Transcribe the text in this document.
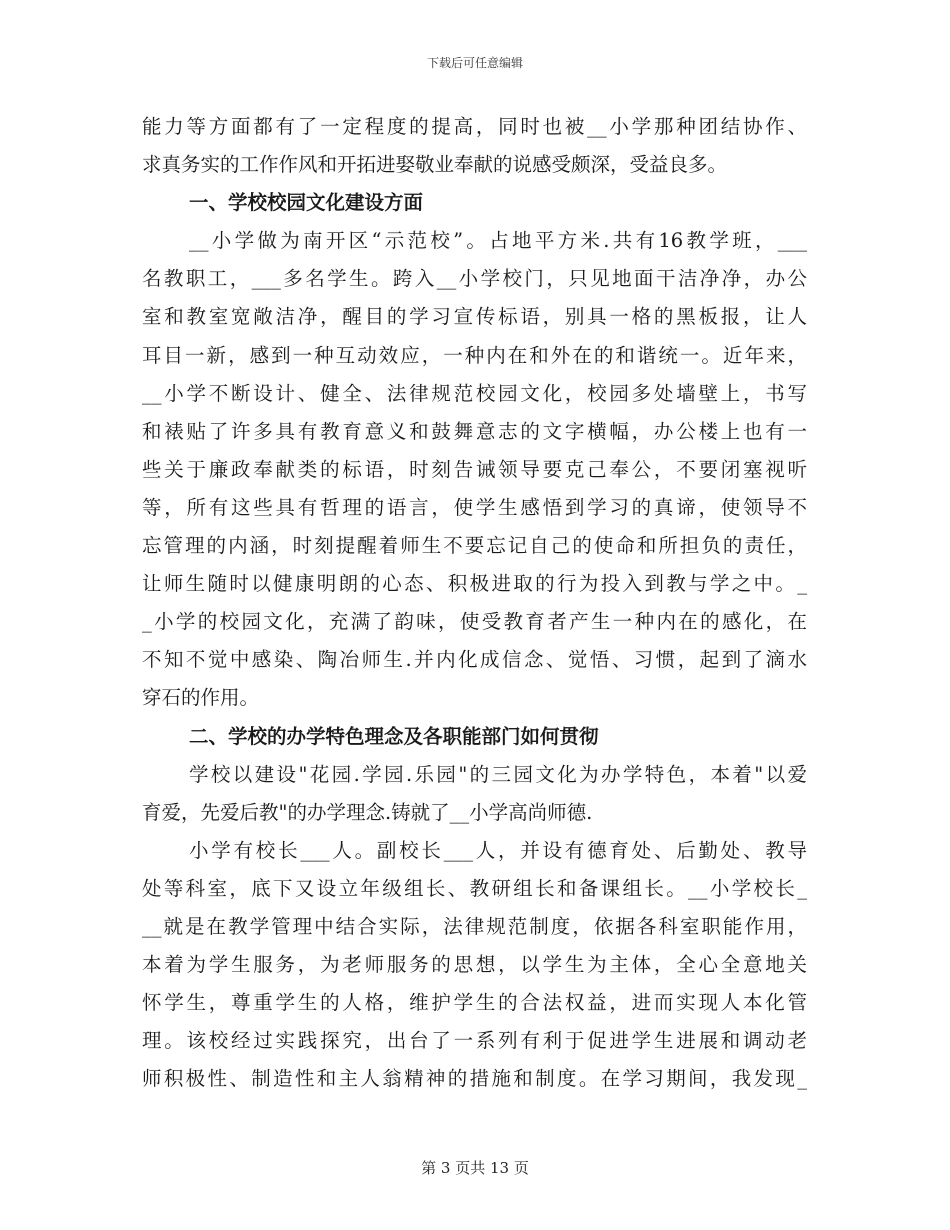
下载后可任意编辑
能力等方面都有了一定程度的提高，同时也被__小学那种团结协作、
求真务实的工作作风和开拓进娶敬业奉献的说感受颇深，受益良多。
一、学校校园文化建设方面
__小学做为南开区“示范校”。占地平方米.共有16教学班，___
名教职工，___多名学生。跨入__小学校门，只见地面干洁净净，办公
室和教室宽敞洁净，醒目的学习宣传标语，别具一格的黑板报，让人
耳目一新，感到一种互动效应，一种内在和外在的和谐统一。近年来，
__小学不断设计、健全、法律规范校园文化，校园多处墙壁上，书写
和裱贴了许多具有教育意义和鼓舞意志的文字横幅，办公楼上也有一
些关于廉政奉献类的标语，时刻告诫领导要克己奉公，不要闭塞视听
等，所有这些具有哲理的语言，使学生感悟到学习的真谛，使领导不
忘管理的内涵，时刻提醒着师生不要忘记自己的使命和所担负的责任，
让师生随时以健康明朗的心态、积极进取的行为投入到教与学之中。_
_小学的校园文化，充满了韵味，使受教育者产生一种内在的感化，在
不知不觉中感染、陶冶师生.并内化成信念、觉悟、习惯，起到了滴水
穿石的作用。
二、学校的办学特色理念及各职能部门如何贯彻
学校以建设"花园.学园.乐园"的三园文化为办学特色，本着"以爱
育爱，先爱后教"的办学理念.铸就了__小学高尚师德.
小学有校长___人。副校长___人，并设有德育处、后勤处、教导
处等科室，底下又设立年级组长、教研组长和备课组长。__小学校长_
__就是在教学管理中结合实际，法律规范制度，依据各科室职能作用，
本着为学生服务，为老师服务的思想，以学生为主体，全心全意地关
怀学生，尊重学生的人格，维护学生的合法权益，进而实现人本化管
理。该校经过实践探究，出台了一系列有利于促进学生进展和调动老
师积极性、制造性和主人翁精神的措施和制度。在学习期间，我发现_
第 3 页共 13 页
